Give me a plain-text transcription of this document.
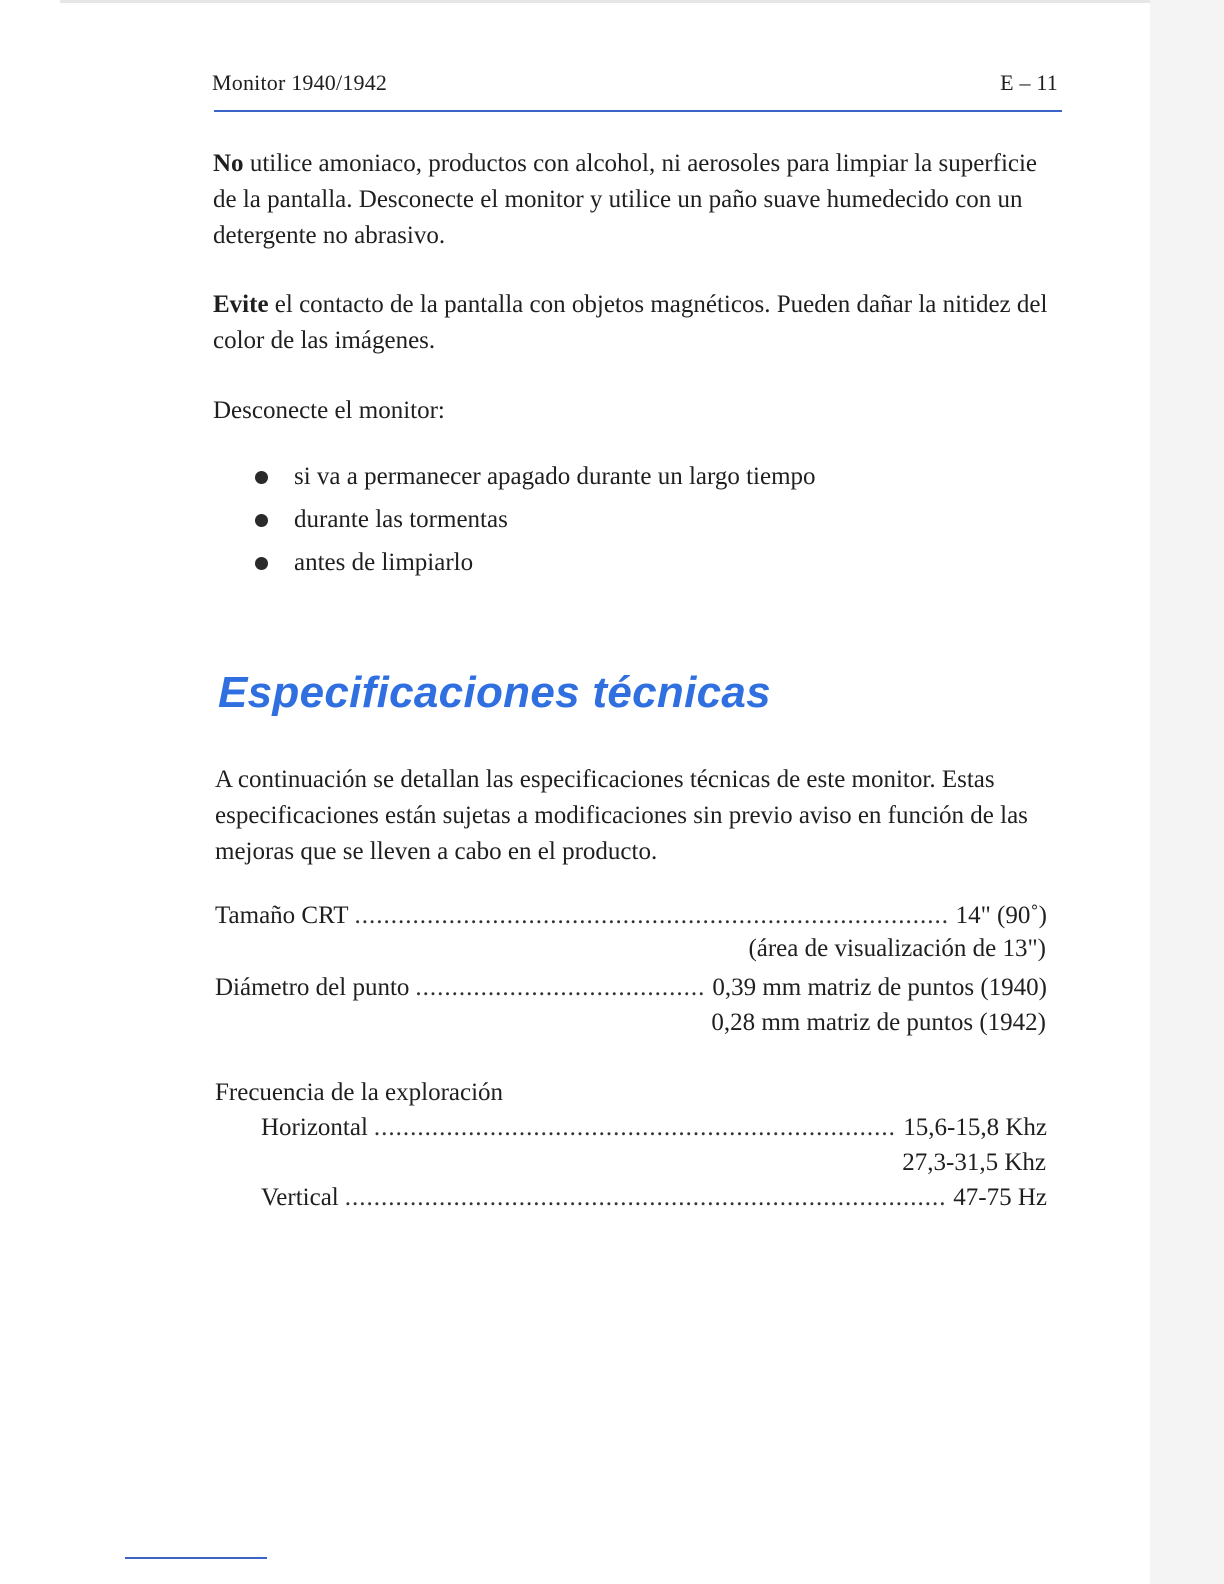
Monitor 1940/1942	E – 11

No utilice amoniaco, productos con alcohol, ni aerosoles para limpiar la superficie de la pantalla. Desconecte el monitor y utilice un paño suave humedecido con un detergente no abrasivo.

Evite el contacto de la pantalla con objetos magnéticos. Pueden dañar la nitidez del color de las imágenes.

Desconecte el monitor:

si va a permanecer apagado durante un largo tiempo
durante las tormentas
antes de limpiarlo
Especificaciones técnicas

A continuación se detallan las especificaciones técnicas de este monitor. Estas especificaciones están sujetas a modificaciones sin previo aviso en función de las mejoras que se lleven a cabo en el producto.

Tamaño CRT .....	14" (90˚)
(área de visualización de 13")
Diámetro del punto .....	0,39 mm matriz de puntos (1940)
0,28 mm matriz de puntos (1942)
Frecuencia de la exploración
Horizontal .....	15,6-15,8 Khz
27,3-31,5 Khz
Vertical .....	47-75 Hz
